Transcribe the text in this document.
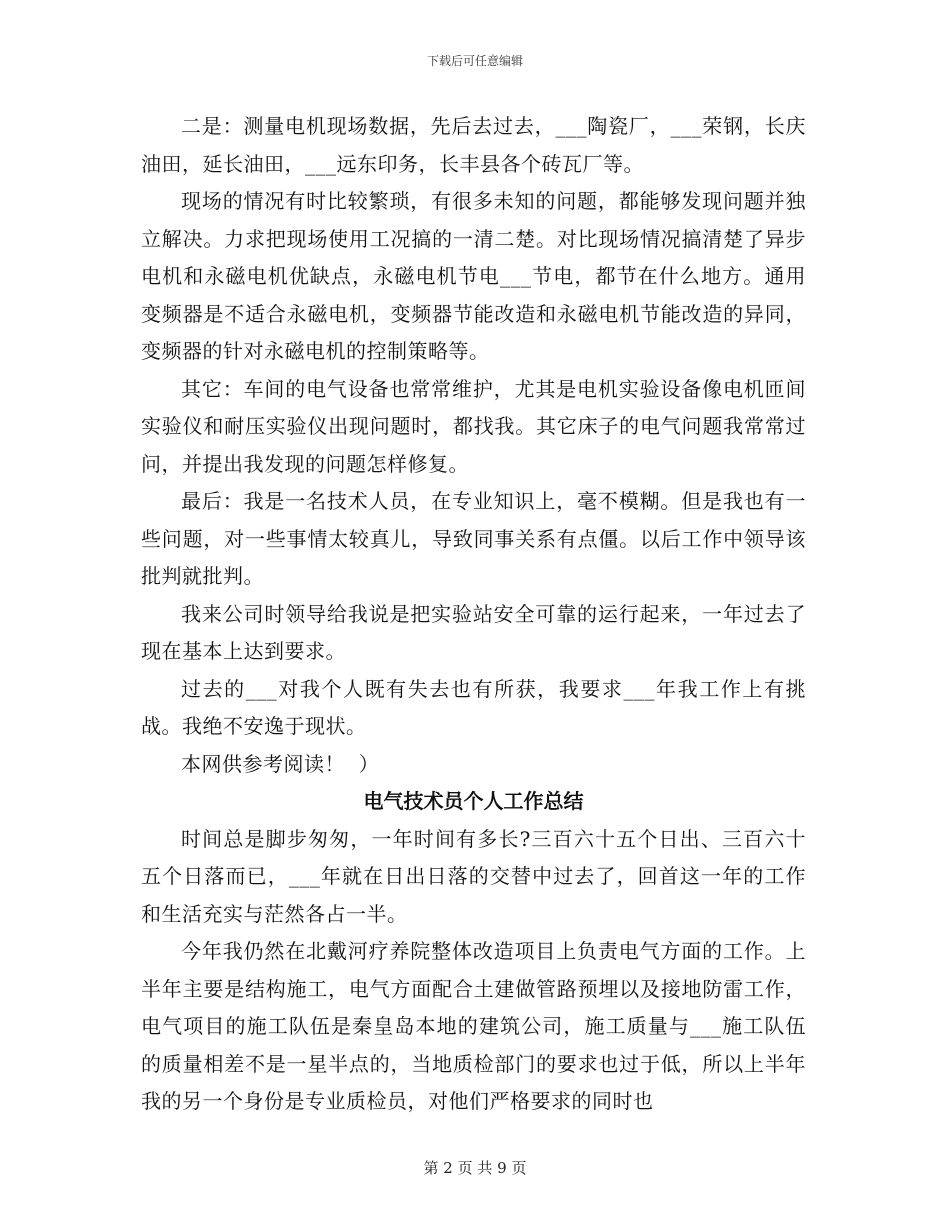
下载后可任意编辑

二是：测量电机现场数据，先后去过去，___陶瓷厂，___荣钢，长庆油田，延长油田，___远东印务，长丰县各个砖瓦厂等。

现场的情况有时比较繁琐，有很多未知的问题，都能够发现问题并独立解决。力求把现场使用工况搞的一清二楚。对比现场情况搞清楚了异步电机和永磁电机优缺点，永磁电机节电___节电，都节在什么地方。通用变频器是不适合永磁电机，变频器节能改造和永磁电机节能改造的异同，变频器的针对永磁电机的控制策略等。

其它：车间的电气设备也常常维护，尤其是电机实验设备像电机匝间实验仪和耐压实验仪出现问题时，都找我。其它床子的电气问题我常常过问，并提出我发现的问题怎样修复。

最后：我是一名技术人员，在专业知识上，毫不模糊。但是我也有一些问题，对一些事情太较真儿，导致同事关系有点僵。以后工作中领导该批判就批判。

我来公司时领导给我说是把实验站安全可靠的运行起来，一年过去了现在基本上达到要求。

过去的___对我个人既有失去也有所获，我要求___年我工作上有挑战。我绝不安逸于现状。

本网供参考阅读！  ）

电气技术员个人工作总结

时间总是脚步匆匆，一年时间有多长?三百六十五个日出、三百六十五个日落而已，___年就在日出日落的交替中过去了，回首这一年的工作和生活充实与茫然各占一半。

今年我仍然在北戴河疗养院整体改造项目上负责电气方面的工作。上半年主要是结构施工，电气方面配合土建做管路预埋以及接地防雷工作，电气项目的施工队伍是秦皇岛本地的建筑公司，施工质量与___施工队伍的质量相差不是一星半点的，当地质检部门的要求也过于低，所以上半年我的另一个身份是专业质检员，对他们严格要求的同时也

第 2 页 共 9 页
